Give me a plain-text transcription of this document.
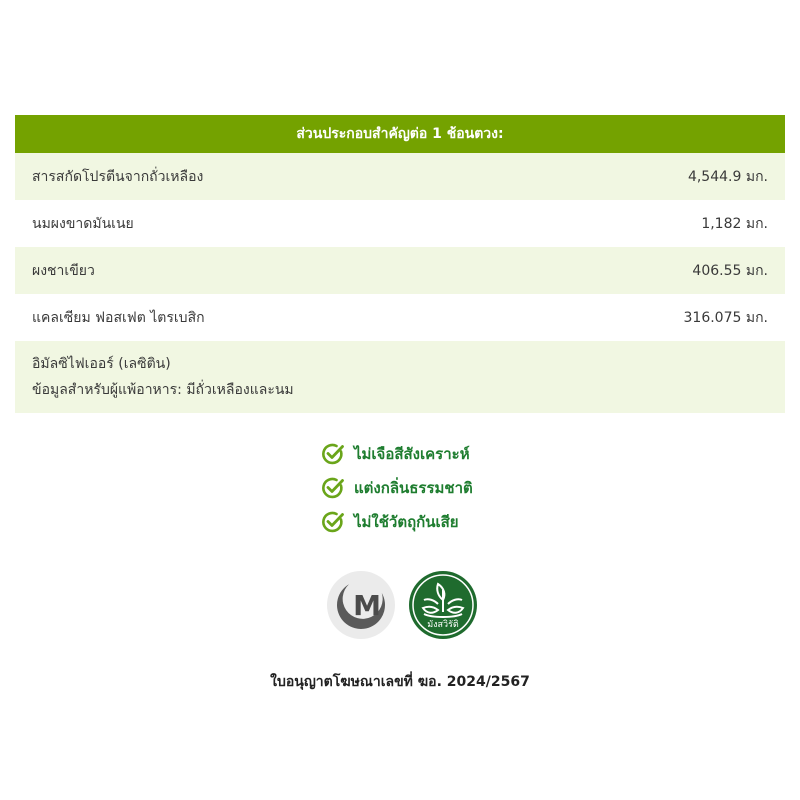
ส่วนประกอบสำคัญต่อ 1 ช้อนตวง:
สารสกัดโปรตีนจากถั่วเหลือง	4,544.9 มก.
นมผงขาดมันเนย	1,182 มก.
ผงชาเขียว	406.55 มก.
แคลเซียม ฟอสเฟต ไตรเบสิก	316.075 มก.
อิมัลซิไฟเออร์ (เลซิติน)
ข้อมูลสำหรับผู้แพ้อาหาร: มีถั่วเหลืองและนม
ไม่เจือสีสังเคราะห์
แต่งกลิ่นธรรมชาติ
ไม่ใช้วัตถุกันเสีย
M
มังสวิรัติ
ใบอนุญาตโฆษณาเลขที่ ฆอ. 2024/2567
